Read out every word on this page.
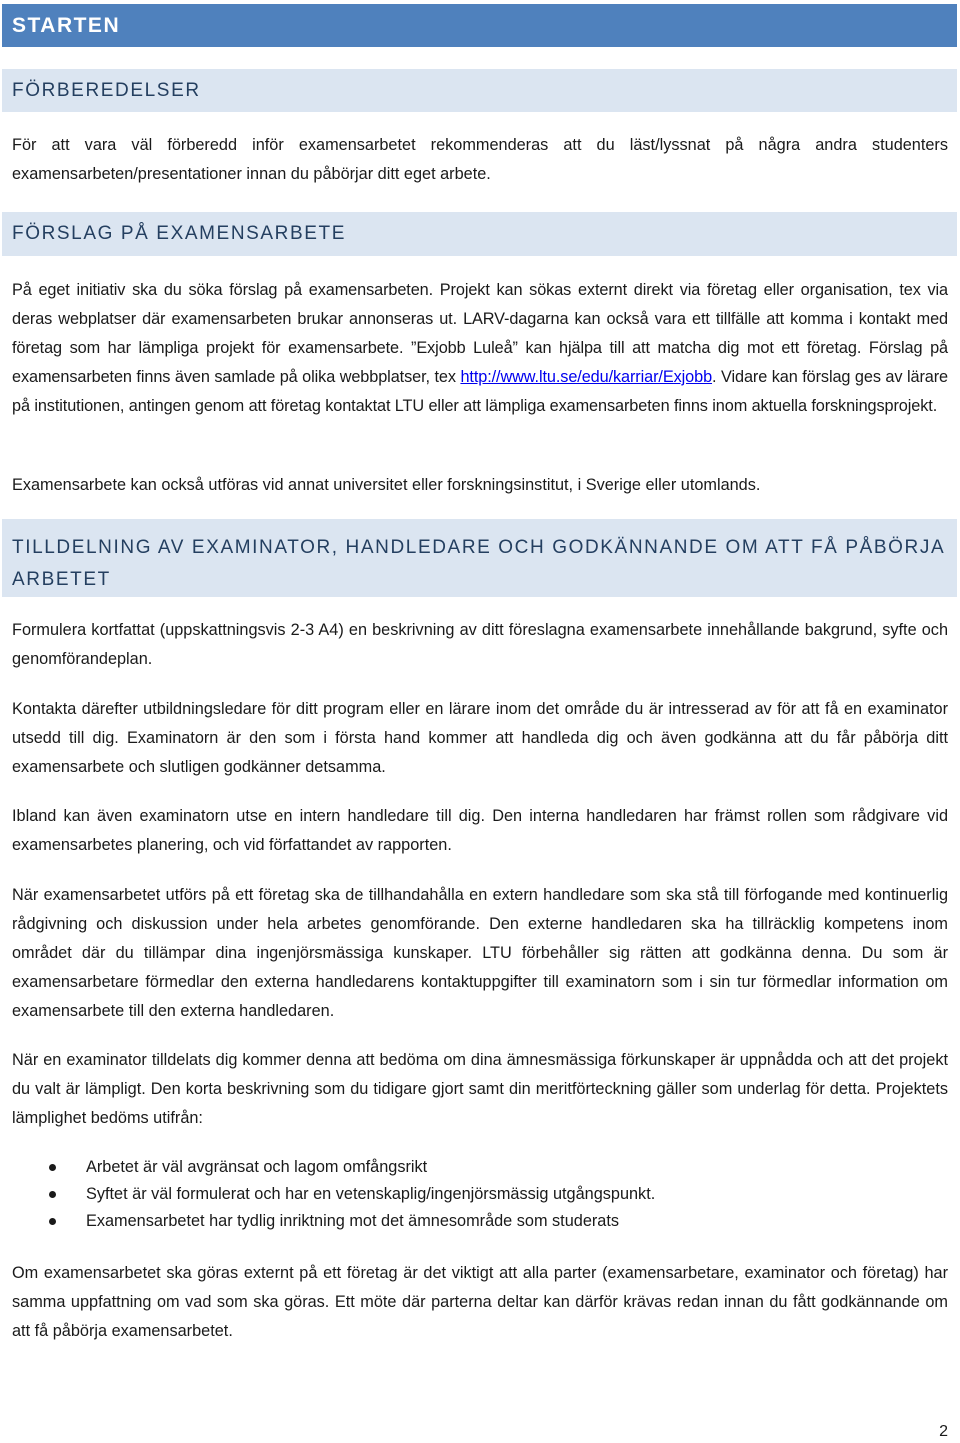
STARTEN
FÖRBEREDELSER

För att vara väl förberedd inför examensarbetet rekommenderas att du läst/lyssnat på några andra studenters examensarbeten/presentationer innan du påbörjar ditt eget arbete.

FÖRSLAG PÅ EXAMENSARBETE

På eget initiativ ska du söka förslag på examensarbeten. Projekt kan sökas externt direkt via företag eller organisation, tex via deras webplatser där examensarbeten brukar annonseras ut. LARV-dagarna kan också vara ett tillfälle att komma i kontakt med företag som har lämpliga projekt för examensarbete. ”Exjobb Luleå” kan hjälpa till att matcha dig mot ett företag. Förslag på examensarbeten finns även samlade på olika webbplatser, tex http://www.ltu.se/edu/karriar/Exjobb. Vidare kan förslag ges av lärare på institutionen, antingen genom att företag kontaktat LTU eller att lämpliga examensarbeten finns inom aktuella forskningsprojekt.

Examensarbete kan också utföras vid annat universitet eller forskningsinstitut, i Sverige eller utomlands.

TILLDELNING AV EXAMINATOR, HANDLEDARE OCH GODKÄNNANDE OM ATT FÅ PÅBÖRJA ARBETET

Formulera kortfattat (uppskattningsvis 2-3 A4) en beskrivning av ditt föreslagna examensarbete innehållande bakgrund, syfte och genomförandeplan.

Kontakta därefter utbildningsledare för ditt program eller en lärare inom det område du är intresserad av för att få en examinator utsedd till dig. Examinatorn är den som i första hand kommer att handleda dig och även godkänna att du får påbörja ditt examensarbete och slutligen godkänner detsamma.

Ibland kan även examinatorn utse en intern handledare till dig. Den interna handledaren har främst rollen som rådgivare vid examensarbetes planering, och vid författandet av rapporten.

När examensarbetet utförs på ett företag ska de tillhandahålla en extern handledare som ska stå till förfogande med kontinuerlig rådgivning och diskussion under hela arbetes genomförande. Den externe handledaren ska ha tillräcklig kompetens inom området där du tillämpar dina ingenjörsmässiga kunskaper. LTU förbehåller sig rätten att godkänna denna. Du som är examensarbetare förmedlar den externa handledarens kontaktuppgifter till examinatorn som i sin tur förmedlar information om examensarbete till den externa handledaren.

När en examinator tilldelats dig kommer denna att bedöma om dina ämnesmässiga förkunskaper är uppnådda och att det projekt du valt är lämpligt. Den korta beskrivning som du tidigare gjort samt din meritförteckning gäller som underlag för detta. Projektets lämplighet bedöms utifrån:

Arbetet är väl avgränsat och lagom omfångsrikt
Syftet är väl formulerat och har en vetenskaplig/ingenjörsmässig utgångspunkt.
Examensarbetet har tydlig inriktning mot det ämnesområde som studerats

Om examensarbetet ska göras externt på ett företag är det viktigt att alla parter (examensarbetare, examinator och företag) har samma uppfattning om vad som ska göras. Ett möte där parterna deltar kan därför krävas redan innan du fått godkännande om att få påbörja examensarbetet.

2
